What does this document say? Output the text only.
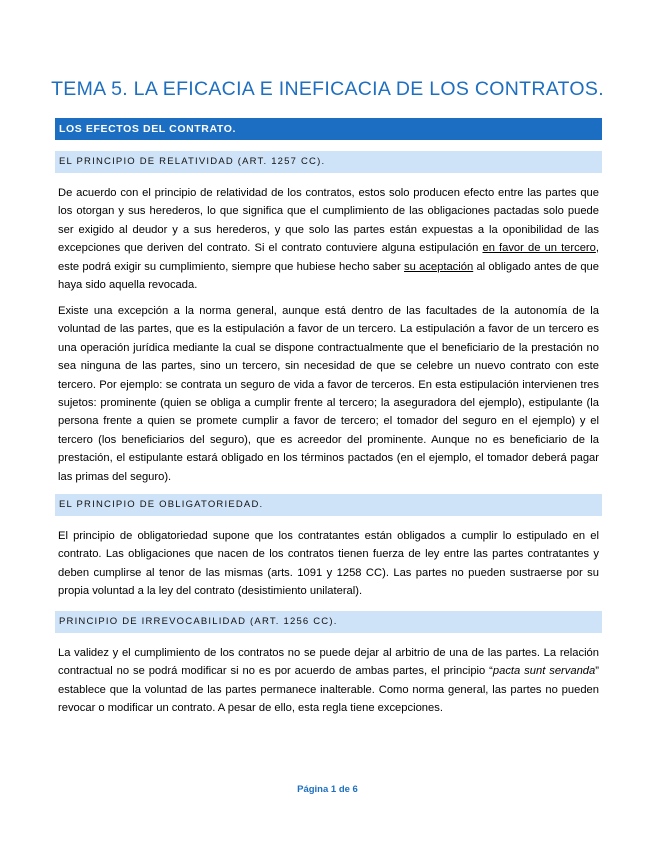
TEMA 5. LA EFICACIA E INEFICACIA DE LOS CONTRATOS.
LOS EFECTOS DEL CONTRATO.
EL PRINCIPIO DE RELATIVIDAD (ART. 1257 CC).

De acuerdo con el principio de relatividad de los contratos, estos solo producen efecto entre las partes que los otorgan y sus herederos, lo que significa que el cumplimiento de las obligaciones pactadas solo puede ser exigido al deudor y a sus herederos, y que solo las partes están expuestas a la oponibilidad de las excepciones que deriven del contrato. Si el contrato contuviere alguna estipulación en favor de un tercero, este podrá exigir su cumplimiento, siempre que hubiese hecho saber su aceptación al obligado antes de que haya sido aquella revocada.

Existe una excepción a la norma general, aunque está dentro de las facultades de la autonomía de la voluntad de las partes, que es la estipulación a favor de un tercero. La estipulación a favor de un tercero es una operación jurídica mediante la cual se dispone contractualmente que el beneficiario de la prestación no sea ninguna de las partes, sino un tercero, sin necesidad de que se celebre un nuevo contrato con este tercero. Por ejemplo: se contrata un seguro de vida a favor de terceros. En esta estipulación intervienen tres sujetos: prominente (quien se obliga a cumplir frente al tercero; la aseguradora del ejemplo), estipulante (la persona frente a quien se promete cumplir a favor de tercero; el tomador del seguro en el ejemplo) y el tercero (los beneficiarios del seguro), que es acreedor del prominente. Aunque no es beneficiario de la prestación, el estipulante estará obligado en los términos pactados (en el ejemplo, el tomador deberá pagar las primas del seguro).

EL PRINCIPIO DE OBLIGATORIEDAD.

El principio de obligatoriedad supone que los contratantes están obligados a cumplir lo estipulado en el contrato. Las obligaciones que nacen de los contratos tienen fuerza de ley entre las partes contratantes y deben cumplirse al tenor de las mismas (arts. 1091 y 1258 CC). Las partes no pueden sustraerse por su propia voluntad a la ley del contrato (desistimiento unilateral).

PRINCIPIO DE IRREVOCABILIDAD (ART. 1256 CC).

La validez y el cumplimiento de los contratos no se puede dejar al arbitrio de una de las partes. La relación contractual no se podrá modificar si no es por acuerdo de ambas partes, el principio “pacta sunt servanda” establece que la voluntad de las partes permanece inalterable. Como norma general, las partes no pueden revocar o modificar un contrato. A pesar de ello, esta regla tiene excepciones.

Página 1 de 6
